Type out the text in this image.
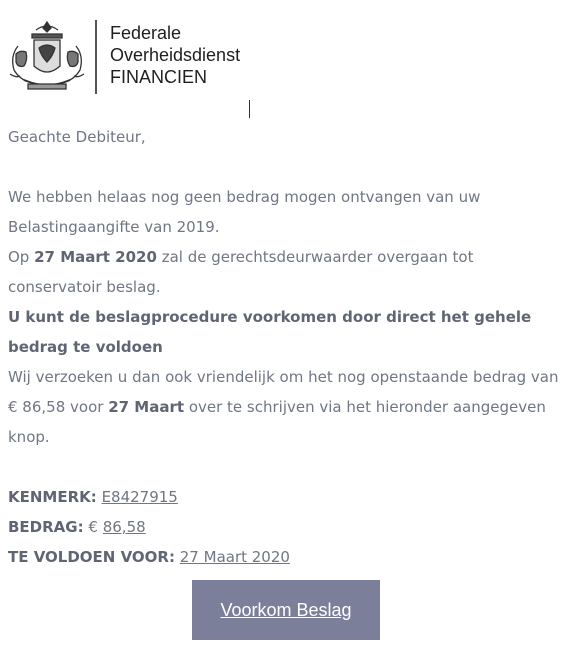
Federale
Overheidsdienst
FINANCIEN

Geachte Debiteur,

We hebben helaas nog geen bedrag mogen ontvangen van uw Belastingaangifte van 2019.

Op 27 Maart 2020 zal de gerechtsdeurwaarder overgaan tot conservatoir beslag.

U kunt de beslagprocedure voorkomen door direct het gehele bedrag te voldoen

Wij verzoeken u dan ook vriendelijk om het nog openstaande bedrag van € 86,58 voor 27 Maart over te schrijven via het hieronder aangegeven knop.

KENMERK: E8427915

BEDRAG: € 86,58

TE VOLDOEN VOOR: 27 Maart 2020

Voorkom Beslag
